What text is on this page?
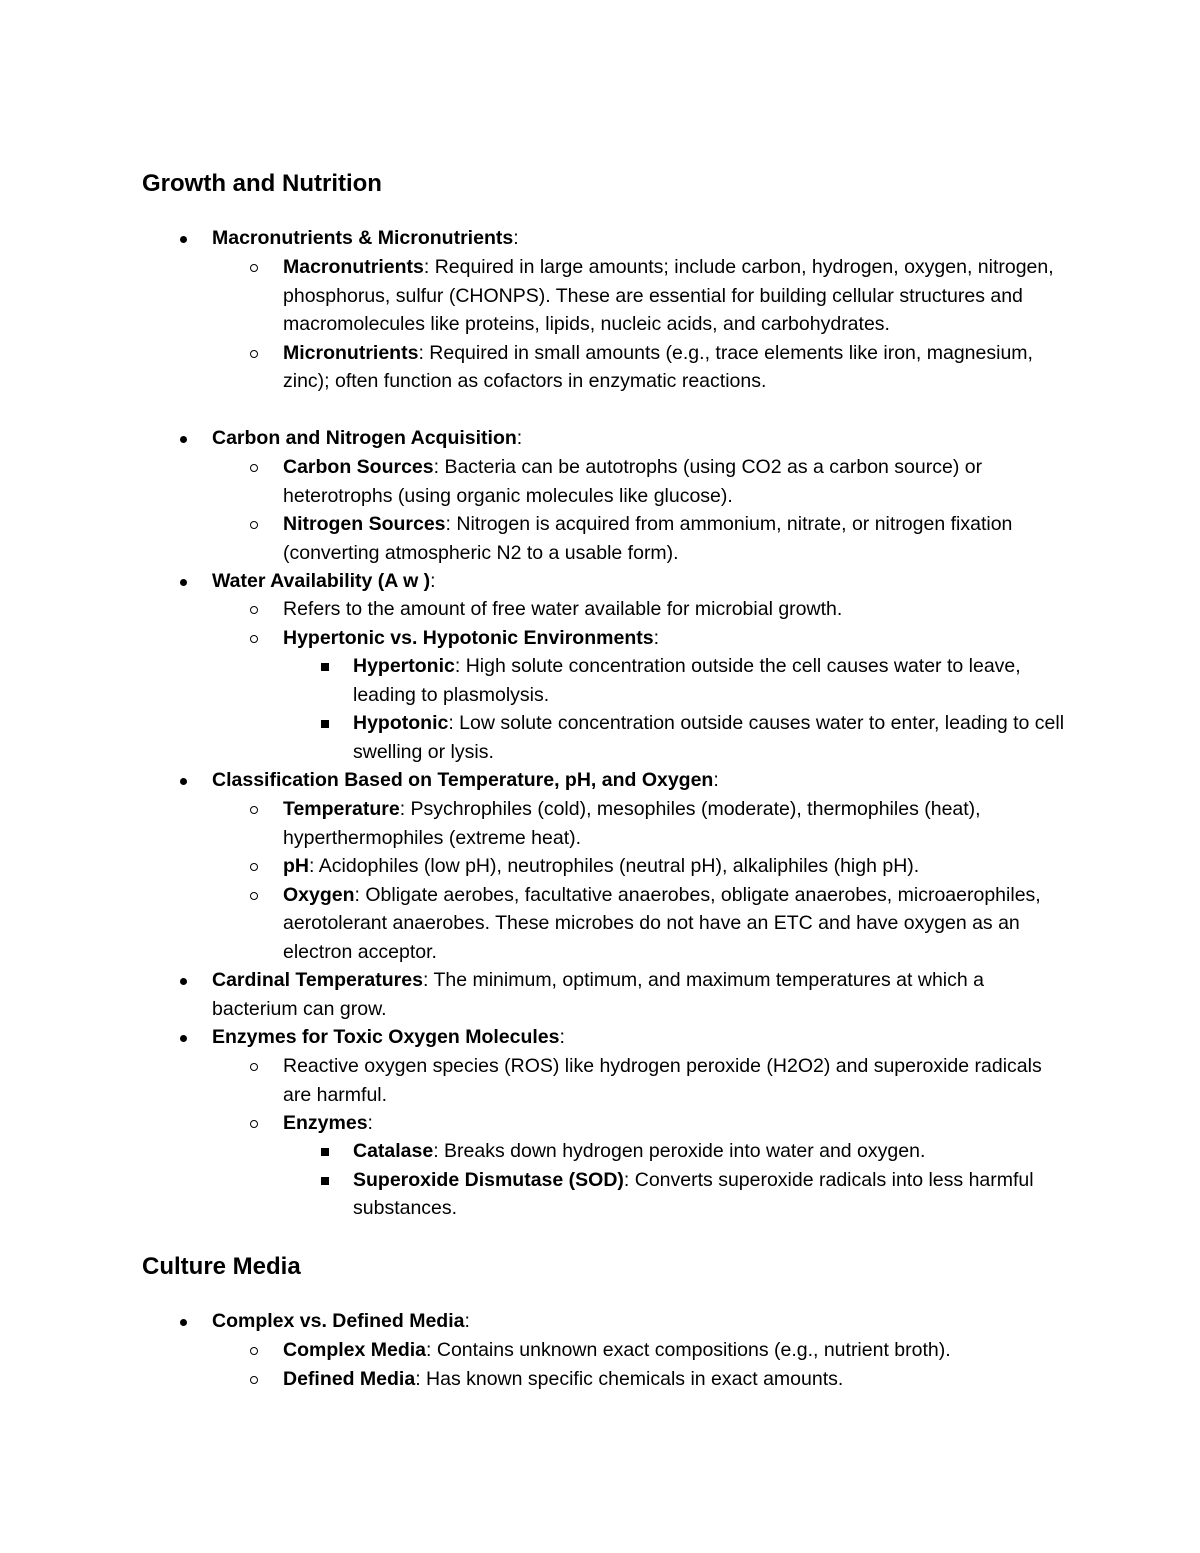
Growth and Nutrition
Macronutrients & Micronutrients:
Macronutrients: Required in large amounts; include carbon, hydrogen, oxygen, nitrogen, phosphorus, sulfur (CHONPS). These are essential for building cellular structures and macromolecules like proteins, lipids, nucleic acids, and carbohydrates.
Micronutrients: Required in small amounts (e.g., trace elements like iron, magnesium, zinc); often function as cofactors in enzymatic reactions.
Carbon and Nitrogen Acquisition:
Carbon Sources: Bacteria can be autotrophs (using CO2 as a carbon source) or heterotrophs (using organic molecules like glucose).
Nitrogen Sources: Nitrogen is acquired from ammonium, nitrate, or nitrogen fixation (converting atmospheric N2 to a usable form).
Water Availability (A w ):
Refers to the amount of free water available for microbial growth.
Hypertonic vs. Hypotonic Environments:
Hypertonic: High solute concentration outside the cell causes water to leave, leading to plasmolysis.
Hypotonic: Low solute concentration outside causes water to enter, leading to cell swelling or lysis.
Classification Based on Temperature, pH, and Oxygen:
Temperature: Psychrophiles (cold), mesophiles (moderate), thermophiles (heat), hyperthermophiles (extreme heat).
pH: Acidophiles (low pH), neutrophiles (neutral pH), alkaliphiles (high pH).
Oxygen: Obligate aerobes, facultative anaerobes, obligate anaerobes, microaerophiles, aerotolerant anaerobes. These microbes do not have an ETC and have oxygen as an electron acceptor.
Cardinal Temperatures: The minimum, optimum, and maximum temperatures at which a bacterium can grow.
Enzymes for Toxic Oxygen Molecules:
Reactive oxygen species (ROS) like hydrogen peroxide (H2O2) and superoxide radicals are harmful.
Enzymes:
Catalase: Breaks down hydrogen peroxide into water and oxygen.
Superoxide Dismutase (SOD): Converts superoxide radicals into less harmful substances.
Culture Media
Complex vs. Defined Media:
Complex Media: Contains unknown exact compositions (e.g., nutrient broth).
Defined Media: Has known specific chemicals in exact amounts.
